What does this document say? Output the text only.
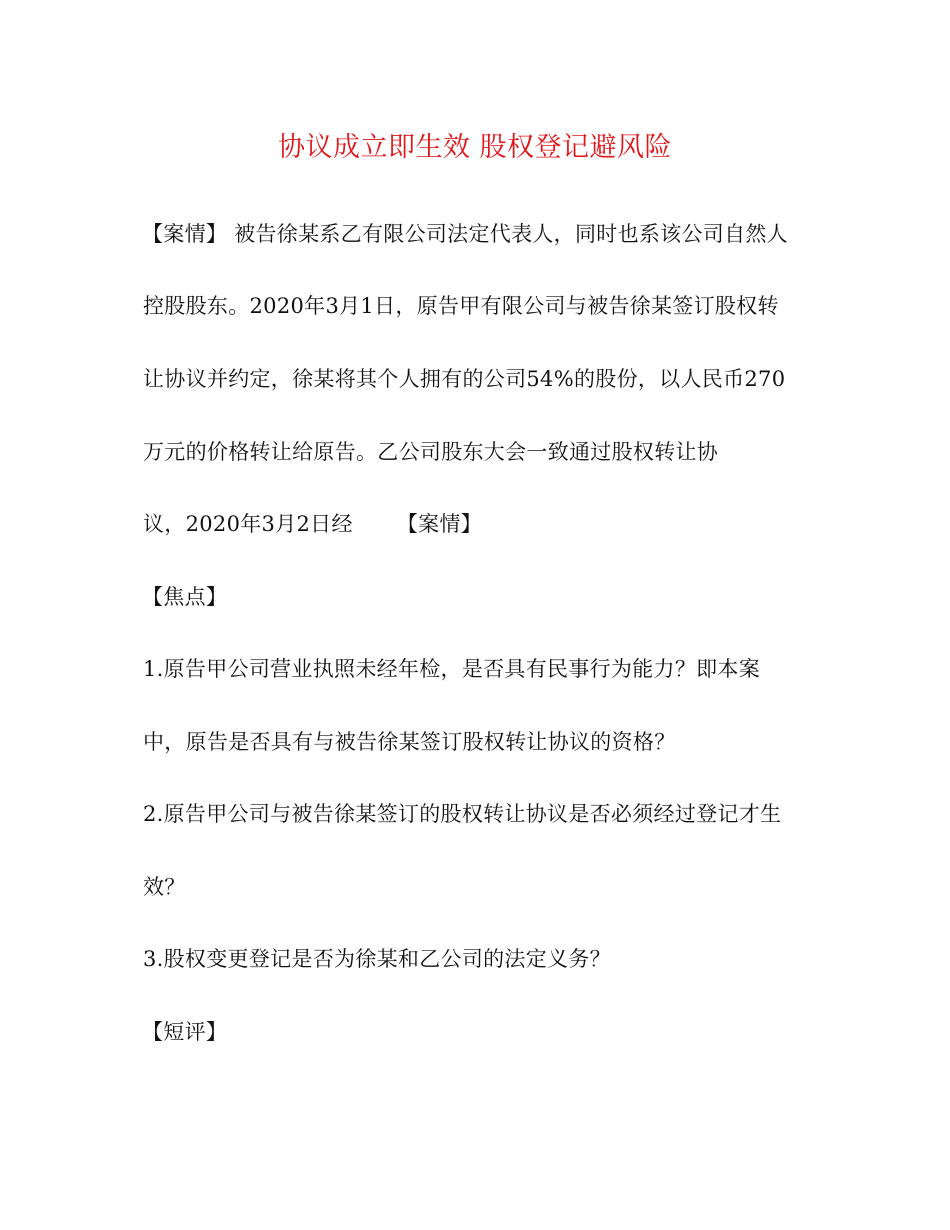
协议成立即生效 股权登记避风险
【案情】 被告徐某系乙有限公司法定代表人，同时也系该公司自然人
控股股东。2020年3月1日，原告甲有限公司与被告徐某签订股权转
让协议并约定，徐某将其个人拥有的公司54%的股份，以人民币270
万元的价格转让给原告。乙公司股东大会一致通过股权转让协
议，2020年3月2日经 【案情】
【焦点】
1.原告甲公司营业执照未经年检，是否具有民事行为能力？即本案
中，原告是否具有与被告徐某签订股权转让协议的资格？
2.原告甲公司与被告徐某签订的股权转让协议是否必须经过登记才生
效？
3.股权变更登记是否为徐某和乙公司的法定义务？
【短评】
